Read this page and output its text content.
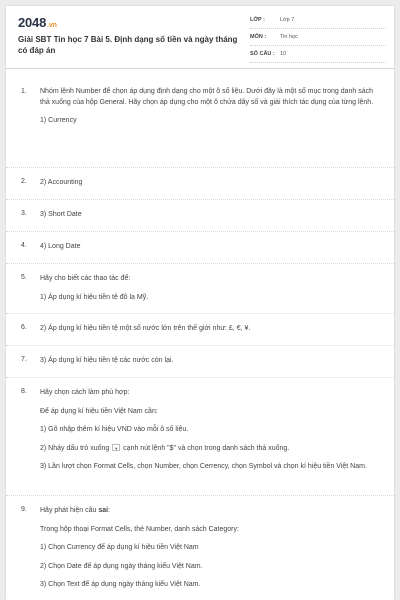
2048.vn
Giải SBT Tin học 7 Bài 5. Định dạng số tiền và ngày tháng có đáp án
LỚP :	Lớp 7
MÔN :	Tin học
SỐ CÂU : 10
1. Nhóm lệnh Number để chọn áp dụng định dạng cho một ô số liệu. Dưới đây là một số mục trong danh sách thả xuống của hộp General. Hãy chọn áp dụng cho một ô chứa dãy số và giải thích tác dụng của từng lệnh.
1) Currency
2. 2) Accounting
3. 3) Short Date
4. 4) Long Date
5. Hãy cho biết các thao tác để:
1) Áp dụng kí hiệu tiền tệ đô la Mỹ.
6. 2) Áp dụng kí hiệu tiền tệ một số nước lớn trên thế giới như: £, €, ¥.
7. 3) Áp dụng kí hiệu tiền tệ các nước còn lại.
8. Hãy chọn cách làm phù hợp:
Để áp dụng kí hiệu tiền Việt Nam cần:
1) Gõ nhập thêm kí hiệu VND vào mỗi ô số liệu.
2) Nháy dấu trỏ xuống ▼ cạnh nút lệnh "$" và chọn trong danh sách thả xuống.
3) Lần lượt chọn Format Cells, chọn Number, chọn Cerrency, chọn Symbol và chọn kí hiệu tiền Việt Nam.
9. Hãy phát hiện câu sai:
Trong hộp thoại Format Cells, thẻ Number, danh sách Category:
1) Chọn Currency để áp dụng kí hiệu tiền Việt Nam
2) Chọn Date để áp dụng ngày tháng kiểu Việt Nam.
3) Chọn Text để áp dụng ngày tháng kiểu Việt Nam.
